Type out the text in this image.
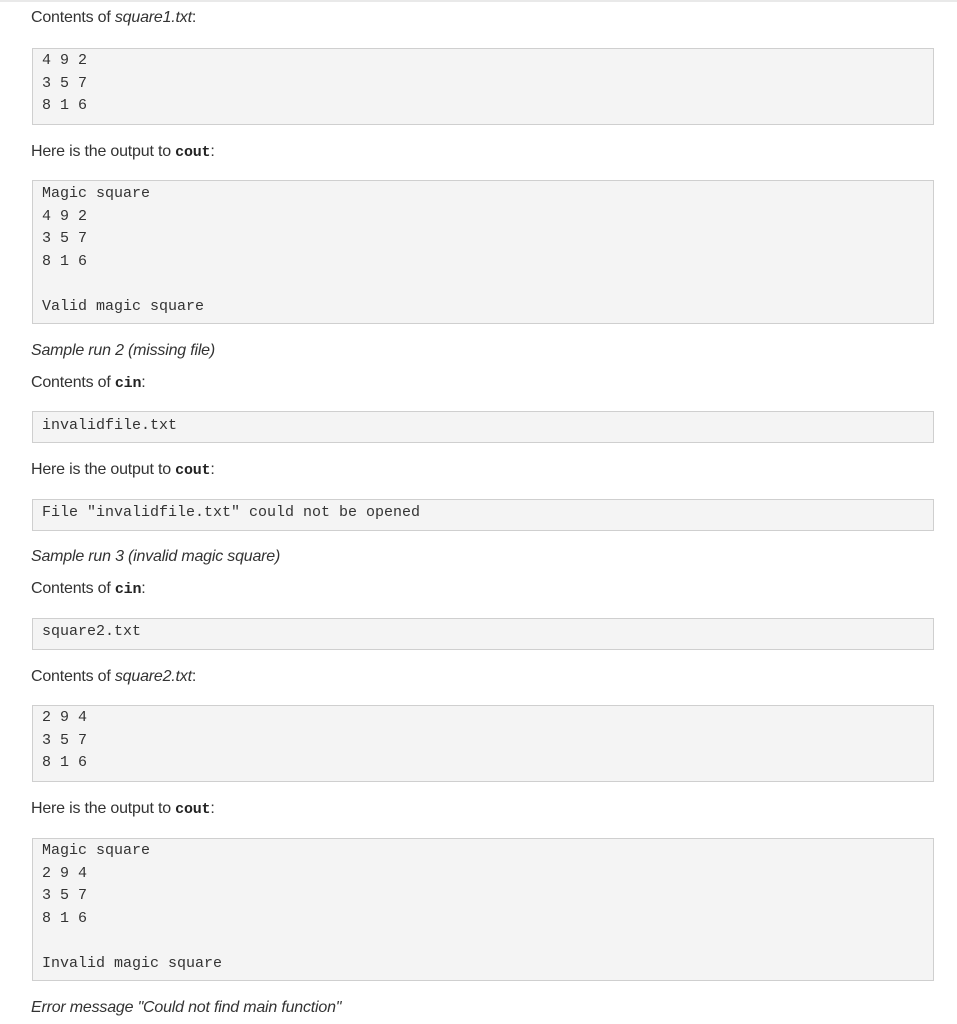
Contents of square1.txt:

4 9 2
3 5 7
8 1 6

Here is the output to cout:

Magic square
4 9 2
3 5 7
8 1 6
Valid magic square

Sample run 2 (missing file)

Contents of cin:

invalidfile.txt

Here is the output to cout:

File "invalidfile.txt" could not be opened

Sample run 3 (invalid magic square)

Contents of cin:

square2.txt

Contents of square2.txt:

2 9 4
3 5 7
8 1 6

Here is the output to cout:

Magic square
2 9 4
3 5 7
8 1 6
Invalid magic square

Error message "Could not find main function"
